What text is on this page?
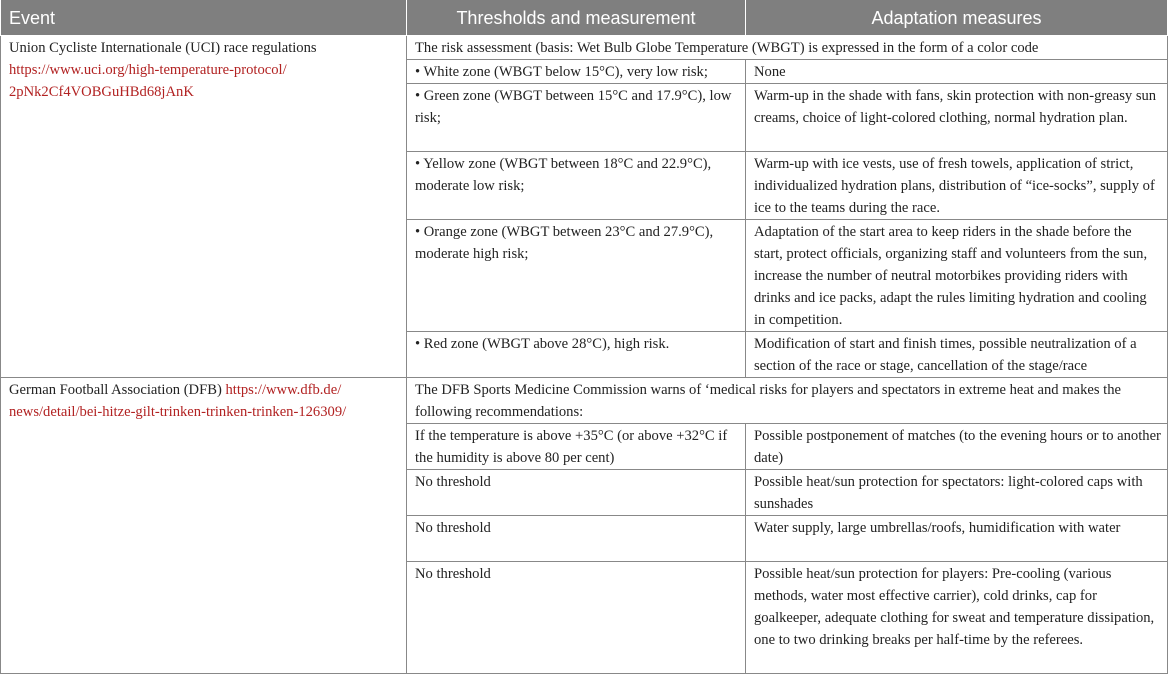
Event	Thresholds and measurement	Adaptation measures
Union Cycliste Internationale (UCI) race regulations
https://www.uci.org/high-temperature-protocol/
2pNk2Cf4VOBGuHBd68jAnK	The risk assessment (basis: Wet Bulb Globe Temperature (WBGT) is expressed in the form of a color code	
	• White zone (WBGT below 15°C), very low risk;	None
	• Green zone (WBGT between 15°C and 17.9°C), low risk;	Warm-up in the shade with fans, skin protection with non-greasy sun creams, choice of light-colored clothing, normal hydration plan.
	• Yellow zone (WBGT between 18°C and 22.9°C), moderate low risk;	Warm-up with ice vests, use of fresh towels, application of strict, individualized hydration plans, distribution of “ice-socks”, supply of ice to the teams during the race.
	• Orange zone (WBGT between 23°C and 27.9°C), moderate high risk;	Adaptation of the start area to keep riders in the shade before the start, protect officials, organizing staff and volunteers from the sun, increase the number of neutral motorbikes providing riders with drinks and ice packs, adapt the rules limiting hydration and cooling in competition.
	• Red zone (WBGT above 28°C), high risk.	Modification of start and finish times, possible neutralization of a section of the race or stage, cancellation of the stage/race
German Football Association (DFB) https://www.dfb.de/ news/detail/bei-hitze-gilt-trinken-trinken-trinken-126309/	The DFB Sports Medicine Commission warns of ‘medical risks for players and spectators in extreme heat and makes the following recommendations:	
	If the temperature is above +35°C (or above +32°C if the humidity is above 80 per cent)	Possible postponement of matches (to the evening hours or to another date)
	No threshold	Possible heat/sun protection for spectators: light-colored caps with sunshades
	No threshold	Water supply, large umbrellas/roofs, humidification with water
	No threshold	Possible heat/sun protection for players: Pre-cooling (various methods, water most effective carrier), cold drinks, cap for goalkeeper, adequate clothing for sweat and temperature dissipation, one to two drinking breaks per half-time by the referees.
